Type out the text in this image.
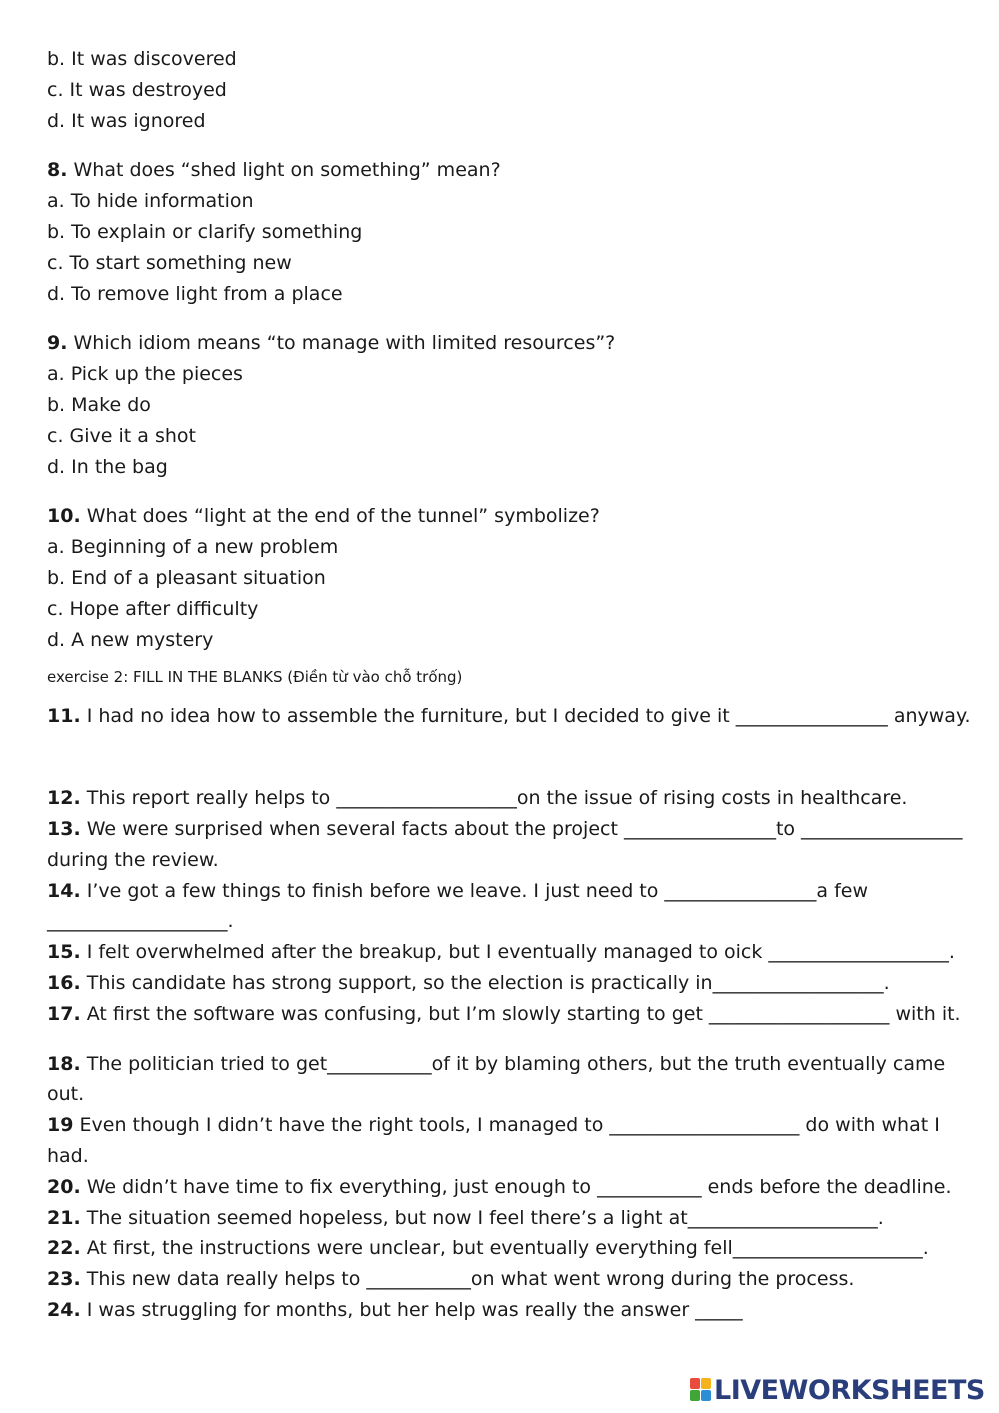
b. It was discovered
c. It was destroyed
d. It was ignored
8. What does “shed light on something” mean?
a. To hide information
b. To explain or clarify something
c. To start something new
d. To remove light from a place
9. Which idiom means “to manage with limited resources”?
a. Pick up the pieces
b. Make do
c. Give it a shot
d. In the bag
10. What does “light at the end of the tunnel” symbolize?
a. Beginning of a new problem
b. End of a pleasant situation
c. Hope after difficulty
d. A new mystery
exercise 2: FILL IN THE BLANKS (Điền từ vào chỗ trống)
11. I had no idea how to assemble the furniture, but I decided to give it ________________ anyway.
12. This report really helps to ___________________on the issue of rising costs in healthcare.
13. We were surprised when several facts about the project ________________to _________________
during the review.
14. I’ve got a few things to finish before we leave. I just need to ________________a few
___________________.
15. I felt overwhelmed after the breakup, but I eventually managed to oick ___________________.
16. This candidate has strong support, so the election is practically in__________________.
17. At first the software was confusing, but I’m slowly starting to get ___________________ with it.
18. The politician tried to get___________of it by blaming others, but the truth eventually came
out.
19 Even though I didn’t have the right tools, I managed to ____________________ do with what I
had.
20. We didn’t have time to fix everything, just enough to ___________ ends before the deadline.
21. The situation seemed hopeless, but now I feel there’s a light at____________________.
22. At first, the instructions were unclear, but eventually everything fell____________________.
23. This new data really helps to ___________on what went wrong during the process.
24. I was struggling for months, but her help was really the answer _____
LIVEWORKSHEETS
